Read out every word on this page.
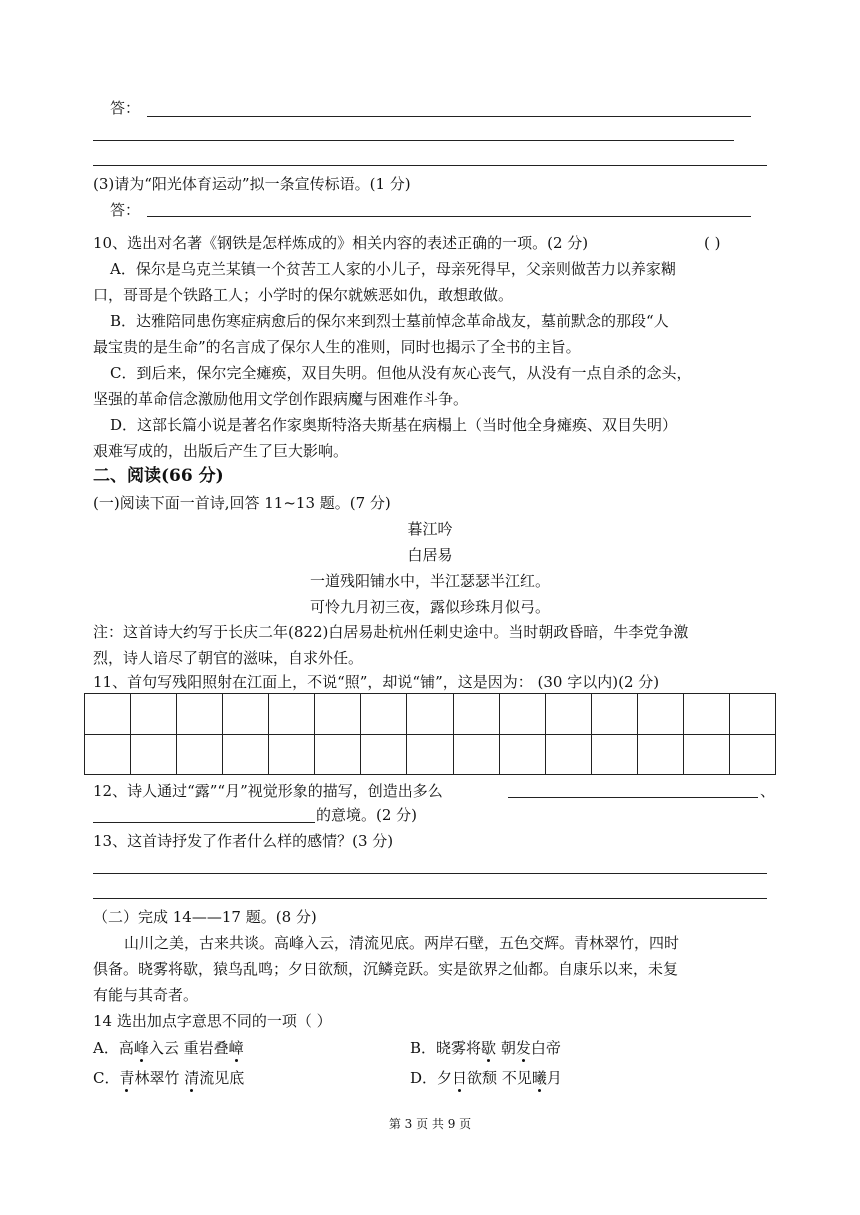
答：
(3)请为“阳光体育运动”拟一条宣传标语。(1 分)
答：
10、选出对名著《钢铁是怎样炼成的》相关内容的表述正确的一项。(2 分)	( )
A．保尔是乌克兰某镇一个贫苦工人家的小儿子，母亲死得早，父亲则做苦力以养家糊
口，哥哥是个铁路工人；小学时的保尔就嫉恶如仇，敢想敢做。
B．达雅陪同患伤寒症病愈后的保尔来到烈士墓前悼念革命战友，墓前默念的那段“人
最宝贵的是生命”的名言成了保尔人生的准则，同时也揭示了全书的主旨。
C．到后来，保尔完全瘫痪，双目失明。但他从没有灰心丧气，从没有一点自杀的念头，
坚强的革命信念激励他用文学创作跟病魔与困难作斗争。
D．这部长篇小说是著名作家奥斯特洛夫斯基在病榻上（当时他全身瘫痪、双目失明）
艰难写成的，出版后产生了巨大影响。
二、阅读(66 分)
(一)阅读下面一首诗,回答 11~13 题。(7 分)
暮江吟
白居易
一道残阳铺水中，半江瑟瑟半江红。
可怜九月初三夜，露似珍珠月似弓。
注：这首诗大约写于长庆二年(822)白居易赴杭州任刺史途中。当时朝政昏暗，牛李党争激
烈，诗人谙尽了朝官的滋味，自求外任。
11、首句写残阳照射在江面上，不说“照”，却说“铺”，这是因为： (30 字以内)(2 分)

12、诗人通过“露”“月”视觉形象的描写，创造出多么	、
的意境。(2 分)
13、这首诗抒发了作者什么样的感情？(3 分)
（二）完成 14——17 题。(8 分)
山川之美，古来共谈。高峰入云，清流见底。两岸石壁，五色交辉。青林翠竹，四时
俱备。晓雾将歇，猿鸟乱鸣；夕日欲颓，沉鳞竞跃。实是欲界之仙都。自康乐以来，未复
有能与其奇者。
14 选出加点字意思不同的一项（ ）
A．高峰入云 重岩叠嶂	B．晓雾将歇 朝发白帝
C．青林翠竹 清流见底	D．夕日欲颓 不见曦月
第 3 页 共 9 页
